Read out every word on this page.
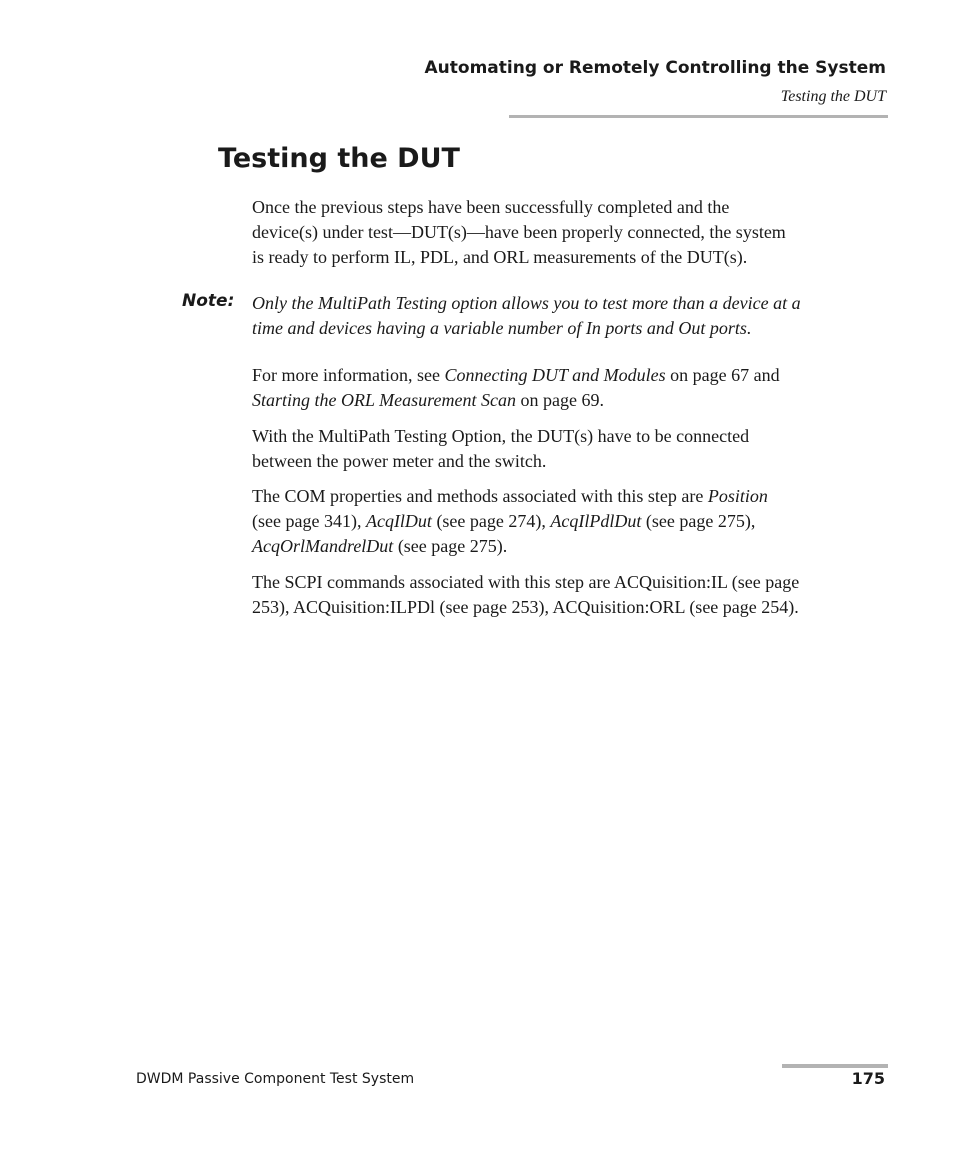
Automating or Remotely Controlling the System
Testing the DUT
Testing the DUT

Once the previous steps have been successfully completed and the
device(s) under test—DUT(s)—have been properly connected, the system
is ready to perform IL, PDL, and ORL measurements of the DUT(s).

Note: Only the MultiPath Testing option allows you to test more than a device at a
time and devices having a variable number of In ports and Out ports.

For more information, see Connecting DUT and Modules on page 67 and
Starting the ORL Measurement Scan on page 69.

With the MultiPath Testing Option, the DUT(s) have to be connected
between the power meter and the switch.

The COM properties and methods associated with this step are Position
(see page 341), AcqIlDut (see page 274), AcqIlPdlDut (see page 275),
AcqOrlMandrelDut (see page 275).

The SCPI commands associated with this step are ACQuisition:IL (see page
253), ACQuisition:ILPDl (see page 253), ACQuisition:ORL (see page 254).

DWDM Passive Component Test System	175
